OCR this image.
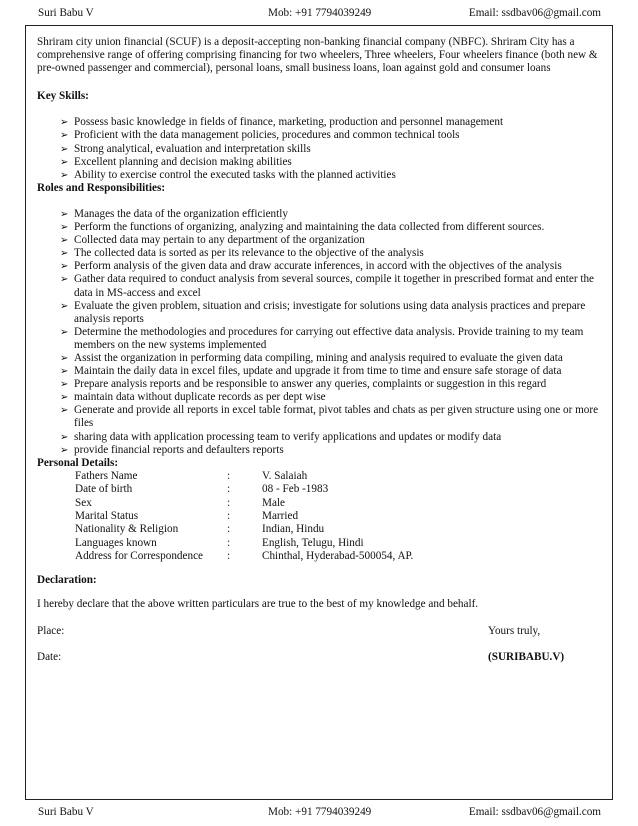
Suri Babu V	Mob: +91 7794039249	Email: ssdbav06@gmail.com

Shriram city union financial (SCUF) is a deposit-accepting non-banking financial company (NBFC). Shriram City has a comprehensive range of offering comprising financing for two wheelers, Three wheelers, Four wheelers finance (both new & pre-owned passenger and commercial), personal loans, small business loans, loan against gold and consumer loans

Key Skills:
➢ Possess basic knowledge in fields of finance, marketing, production and personnel management
➢ Proficient with the data management policies, procedures and common technical tools
➢ Strong analytical, evaluation and interpretation skills
➢ Excellent planning and decision making abilities
➢ Ability to exercise control the executed tasks with the planned activities
Roles and Responsibilities:
➢ Manages the data of the organization efficiently
➢ Perform the functions of organizing, analyzing and maintaining the data collected from different sources.
➢ Collected data may pertain to any department of the organization
➢ The collected data is sorted as per its relevance to the objective of the analysis
➢ Perform analysis of the given data and draw accurate inferences, in accord with the objectives of the analysis
➢ Gather data required to conduct analysis from several sources, compile it together in prescribed format and enter the data in MS-access and excel
➢ Evaluate the given problem, situation and crisis; investigate for solutions using data analysis practices and prepare analysis reports
➢ Determine the methodologies and procedures for carrying out effective data analysis. Provide training to my team members on the new systems implemented
➢ Assist the organization in performing data compiling, mining and analysis required to evaluate the given data
➢ Maintain the daily data in excel files, update and upgrade it from time to time and ensure safe storage of data
➢ Prepare analysis reports and be responsible to answer any queries, complaints or suggestion in this regard
➢ maintain data without duplicate records as per dept wise
➢ Generate and provide all reports in excel table format, pivot tables and chats as per given structure using one or more files
➢ sharing data with application processing team to verify applications and updates or modify data
➢ provide financial reports and defaulters reports
Personal Details:
Fathers Name	:	V. Salaiah
Date of birth	:	08 - Feb -1983
Sex	:	Male
Marital Status	:	Married
Nationality & Religion	:	Indian, Hindu
Languages known	:	English, Telugu, Hindi
Address for Correspondence	:	Chinthal, Hyderabad-500054, AP.
Declaration:

I hereby declare that the above written particulars are true to the best of my knowledge and behalf.

Place:	Yours truly,
Date:	(SURIBABU.V)
Suri Babu V	Mob: +91 7794039249	Email: ssdbav06@gmail.com
